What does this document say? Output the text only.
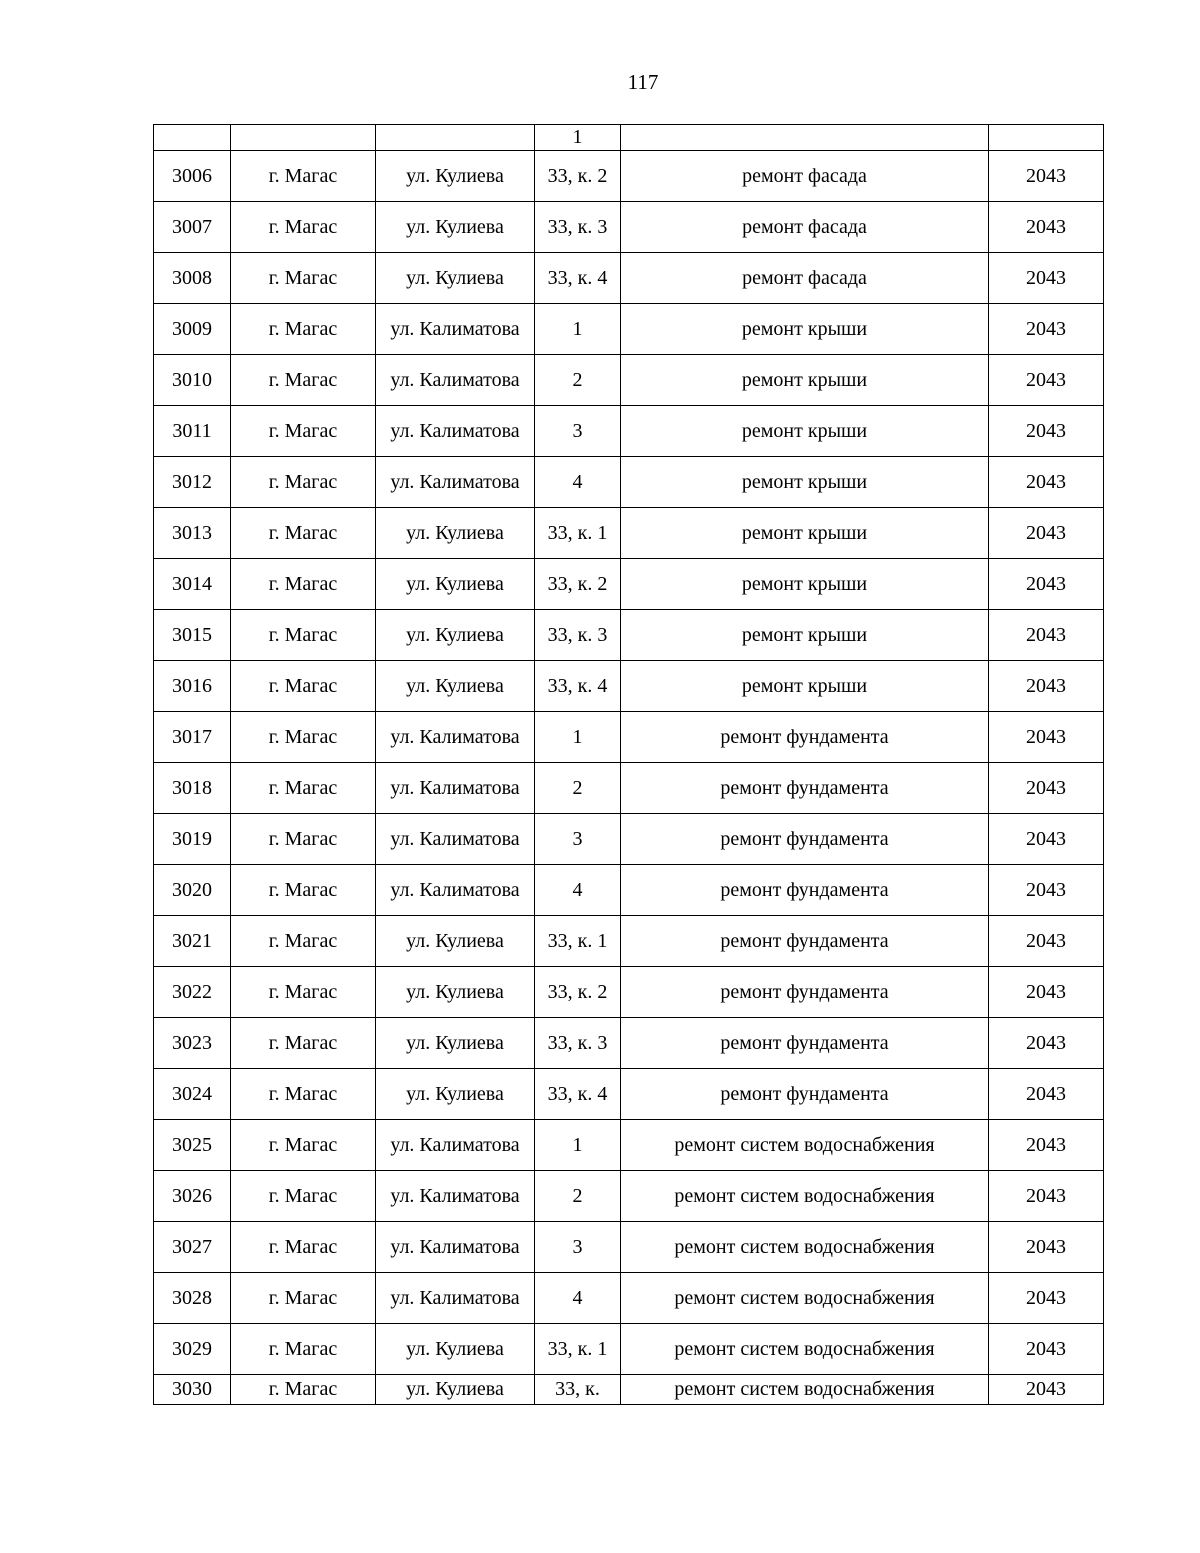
117
			1		
3006	г. Магас	ул. Кулиева	33, к. 2	ремонт фасада	2043
3007	г. Магас	ул. Кулиева	33, к. 3	ремонт фасада	2043
3008	г. Магас	ул. Кулиева	33, к. 4	ремонт фасада	2043
3009	г. Магас	ул. Калиматова	1	ремонт крыши	2043
3010	г. Магас	ул. Калиматова	2	ремонт крыши	2043
3011	г. Магас	ул. Калиматова	3	ремонт крыши	2043
3012	г. Магас	ул. Калиматова	4	ремонт крыши	2043
3013	г. Магас	ул. Кулиева	33, к. 1	ремонт крыши	2043
3014	г. Магас	ул. Кулиева	33, к. 2	ремонт крыши	2043
3015	г. Магас	ул. Кулиева	33, к. 3	ремонт крыши	2043
3016	г. Магас	ул. Кулиева	33, к. 4	ремонт крыши	2043
3017	г. Магас	ул. Калиматова	1	ремонт фундамента	2043
3018	г. Магас	ул. Калиматова	2	ремонт фундамента	2043
3019	г. Магас	ул. Калиматова	3	ремонт фундамента	2043
3020	г. Магас	ул. Калиматова	4	ремонт фундамента	2043
3021	г. Магас	ул. Кулиева	33, к. 1	ремонт фундамента	2043
3022	г. Магас	ул. Кулиева	33, к. 2	ремонт фундамента	2043
3023	г. Магас	ул. Кулиева	33, к. 3	ремонт фундамента	2043
3024	г. Магас	ул. Кулиева	33, к. 4	ремонт фундамента	2043
3025	г. Магас	ул. Калиматова	1	ремонт систем водоснабжения	2043
3026	г. Магас	ул. Калиматова	2	ремонт систем водоснабжения	2043
3027	г. Магас	ул. Калиматова	3	ремонт систем водоснабжения	2043
3028	г. Магас	ул. Калиматова	4	ремонт систем водоснабжения	2043
3029	г. Магас	ул. Кулиева	33, к. 1	ремонт систем водоснабжения	2043
3030	г. Магас	ул. Кулиева	33, к.	ремонт систем водоснабжения	2043
